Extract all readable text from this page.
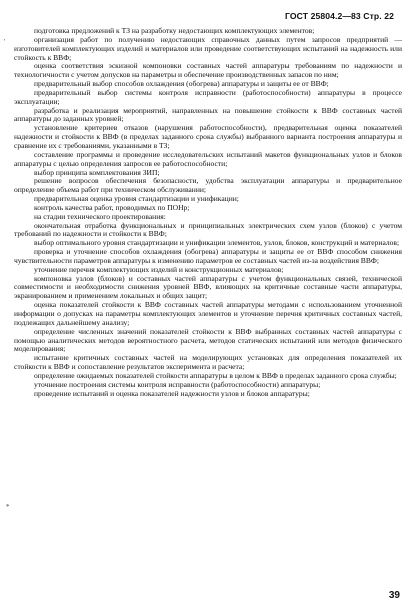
ГОСТ 25804.2—83 Стр. 22
'
*

подготовка предложений к ТЗ на разработку недостающих комплектующих элементов;

организация работ по получению недостающих справочных данных путем запросов предприятий — изготовителей комплектующих изделий и материалов или проведение соответствующих испытаний на надежность или стойкость к ВВФ;

оценка соответствия эскизной компоновки составных частей аппаратуры требованиям по надежности и технологичности с учетом допусков на параметры и обеспечение производственных запасов по ним;

предварительный выбор способов охлаждения (обогрева) аппаратуры и защиты ее от ВВФ;

предварительный выбор системы контроля исправности (работоспособности) аппаратуры в процессе эксплуатации;

разработка и реализация мероприятий, направленных на повышение стойкости к ВВФ составных частей аппаратуры до заданных уровней;

установление критериев отказов (нарушения работоспособности), предварительная оценка показателей надежности и стойкости к ВВФ (в пределах заданного срока службы) выбранного варианта построения аппаратуры и сравнение их с требованиями, указанными в ТЗ;

составление программы и проведение исследовательских испытаний макетов функциональных узлов и блоков аппаратуры с целью определения запросов ее работоспособности;

выбор принципа комплектования ЗИП;

решение вопросов обеспечения безопасности, удобства эксплуатации аппаратуры и предварительное определение объема работ при техническом обслуживании;

предварительная оценка уровня стандартизации и унификации;

контроль качества работ, проводимых по ПОНр;

на стадии технического проектирования:

окончательная отработка функциональных и принципиальных электрических схем узлов (блоков) с учетом требований по надежности и стойкости к ВВФ;

выбор оптимального уровня стандартизации и унификации элементов, узлов, блоков, конструкций и материалов;

проверка и уточнение способов охлаждения (обогрева) аппаратуры и защиты ее от ВВФ способом снижения чувствительности параметров аппаратуры к изменению параметров ее составных частей из-за воздействия ВВФ;

уточнение перечня комплектующих изделий и конструкционных материалов;

компоновка узлов (блоков) и составных частей аппаратуры с учетом функциональных связей, технической совместимости и необходимости снижения уровней ВВФ, влияющих на критичные составные части аппаратуры, экранированием и применением локальных и общих защит;

оценка показателей стойкости к ВВФ составных частей аппаратуры методами с использованием уточненной информации о допусках на параметры комплектующих элементов и уточнение перечня критичных составных частей, подлежащих дальнейшему анализу;

определение численных значений показателей стойкости к ВВФ выбранных составных частей аппаратуры с помощью аналитических методов вероятностного расчета, методов статических испытаний или методов физического моделирования;

испытание критичных составных частей на моделирующих установках для определения показателей их стойкости к ВВФ и сопоставление результатов эксперимента и расчета;

определение ожидаемых показателей стойкости аппаратуры в целом к ВВФ в пределах заданного срока службы;

уточнение построения системы контроля исправности (работоспособности) аппаратуры;

проведение испытаний и оценка показателей надежности узлов и блоков аппаратуры;

39
